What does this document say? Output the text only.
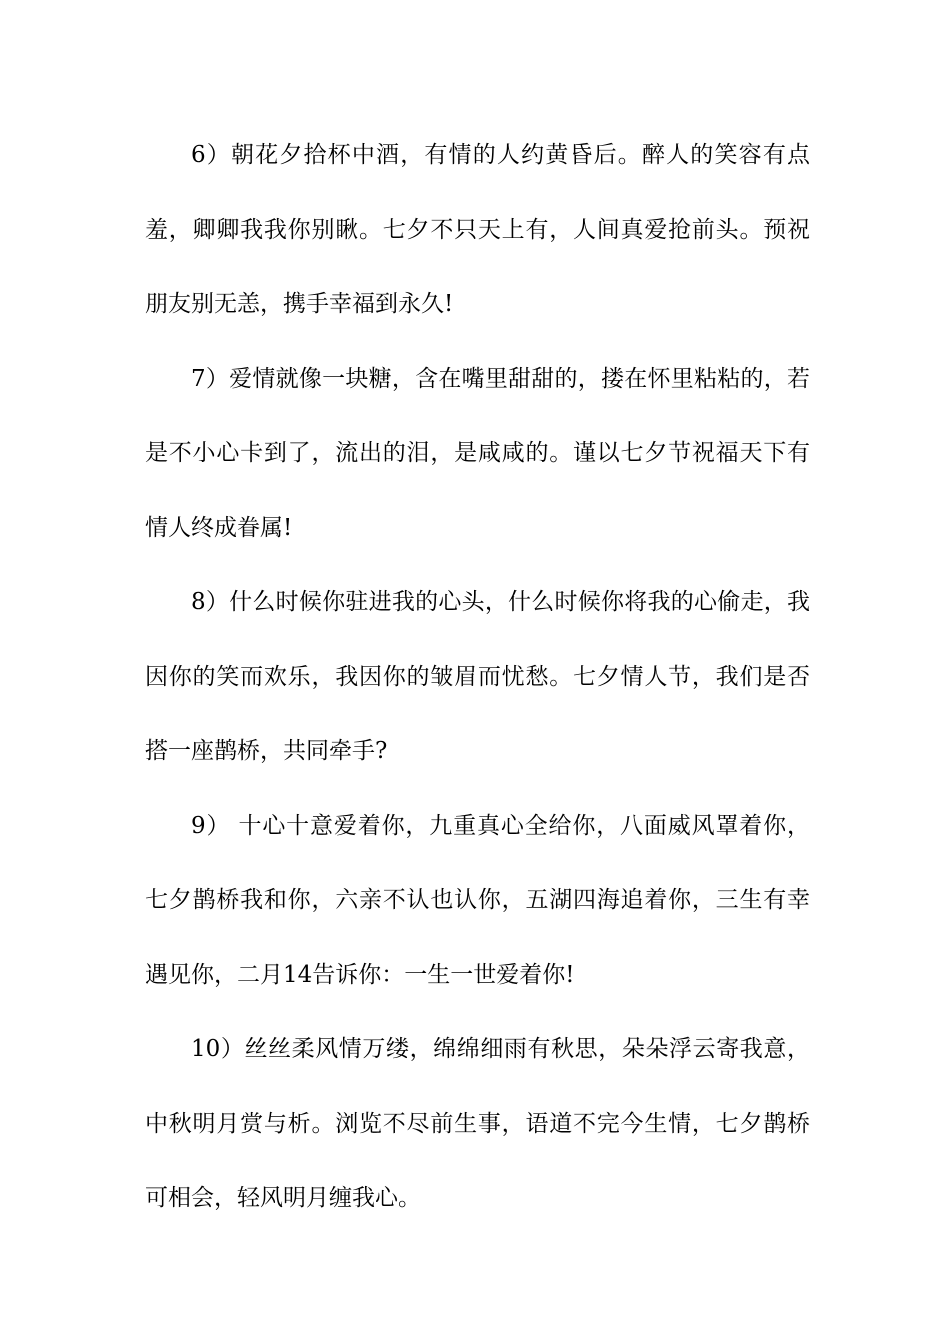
6）朝花夕拾杯中酒，有情的人约黄昏后。醉人的笑容有点羞，卿卿我我你别瞅。七夕不只天上有，人间真爱抢前头。预祝朋友别无恙，携手幸福到永久!

7）爱情就像一块糖，含在嘴里甜甜的，搂在怀里粘粘的，若是不小心卡到了，流出的泪，是咸咸的。谨以七夕节祝福天下有情人终成眷属!

8）什么时候你驻进我的心头，什么时候你将我的心偷走，我因你的笑而欢乐，我因你的皱眉而忧愁。七夕情人节，我们是否搭一座鹊桥，共同牵手?

9） 十心十意爱着你，九重真心全给你，八面威风罩着你，七夕鹊桥我和你，六亲不认也认你，五湖四海追着你，三生有幸遇见你，二月14告诉你：一生一世爱着你!

10）丝丝柔风情万缕，绵绵细雨有秋思，朵朵浮云寄我意，中秋明月赏与析。浏览不尽前生事，语道不完今生情，七夕鹊桥可相会，轻风明月缠我心。
